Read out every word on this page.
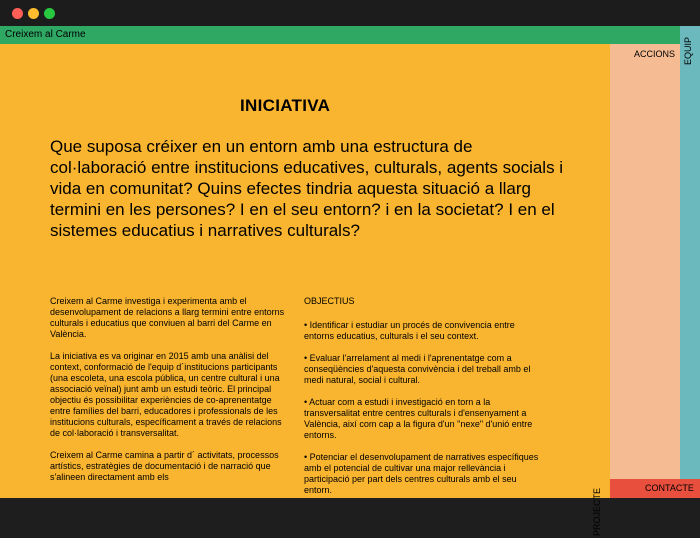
Creixem al Carme
INICIATIVA

Que suposa créixer en un entorn amb una estructura de col·laboració entre institucions educatives, culturals, agents socials i vida en comunitat? Quins efectes tindria aquesta situació a llarg termini en les persones? I en el seu entorn? i en la societat? I en el sistemes educatius i narratives culturals?

Creixem al Carme investiga i experimenta amb el desenvolupament de relacions a llarg termini entre entorns culturals i educatius que conviuen al barri del Carme en València.

La iniciativa es va originar en 2015 amb una anàlisi del context, conformació de l'equip d´institucions participants (una escoleta, una escola pública, un centre cultural i una associació veïnal) junt amb un estudi teòric. El principal objectiu és possibilitar experiències de co-aprenentatge entre famílies del barri, educadores i professionals de les institucions culturals, específicament a través de relacions de col·laboració i transversalitat.

Creixem al Carme camina a partir d´ activitats, processos artístics, estratègies de documentació i de narració que s'alineen directament amb els

OBJECTIUS

• Identificar i estudiar un procés de convivencia entre entorns educatius, culturals i el seu context.

• Evaluar l'arrelament al medi i l'aprenentatge com a conseqüències d'aquesta convivència i del treball amb el medi natural, social i cultural.

• Actuar com a estudi i investigació en torn a la transversalitat entre centres culturals i d'ensenyament a València, així com cap a la figura d'un "nexe" d'unió entre entorns.

• Potenciar el desenvolupament de narratives específiques amb el potencial de cultivar una major rellevància i participació per part dels centres culturals amb el seu entorn.	PROJECTE
ACCIONS EQUIP
CONTACTE
